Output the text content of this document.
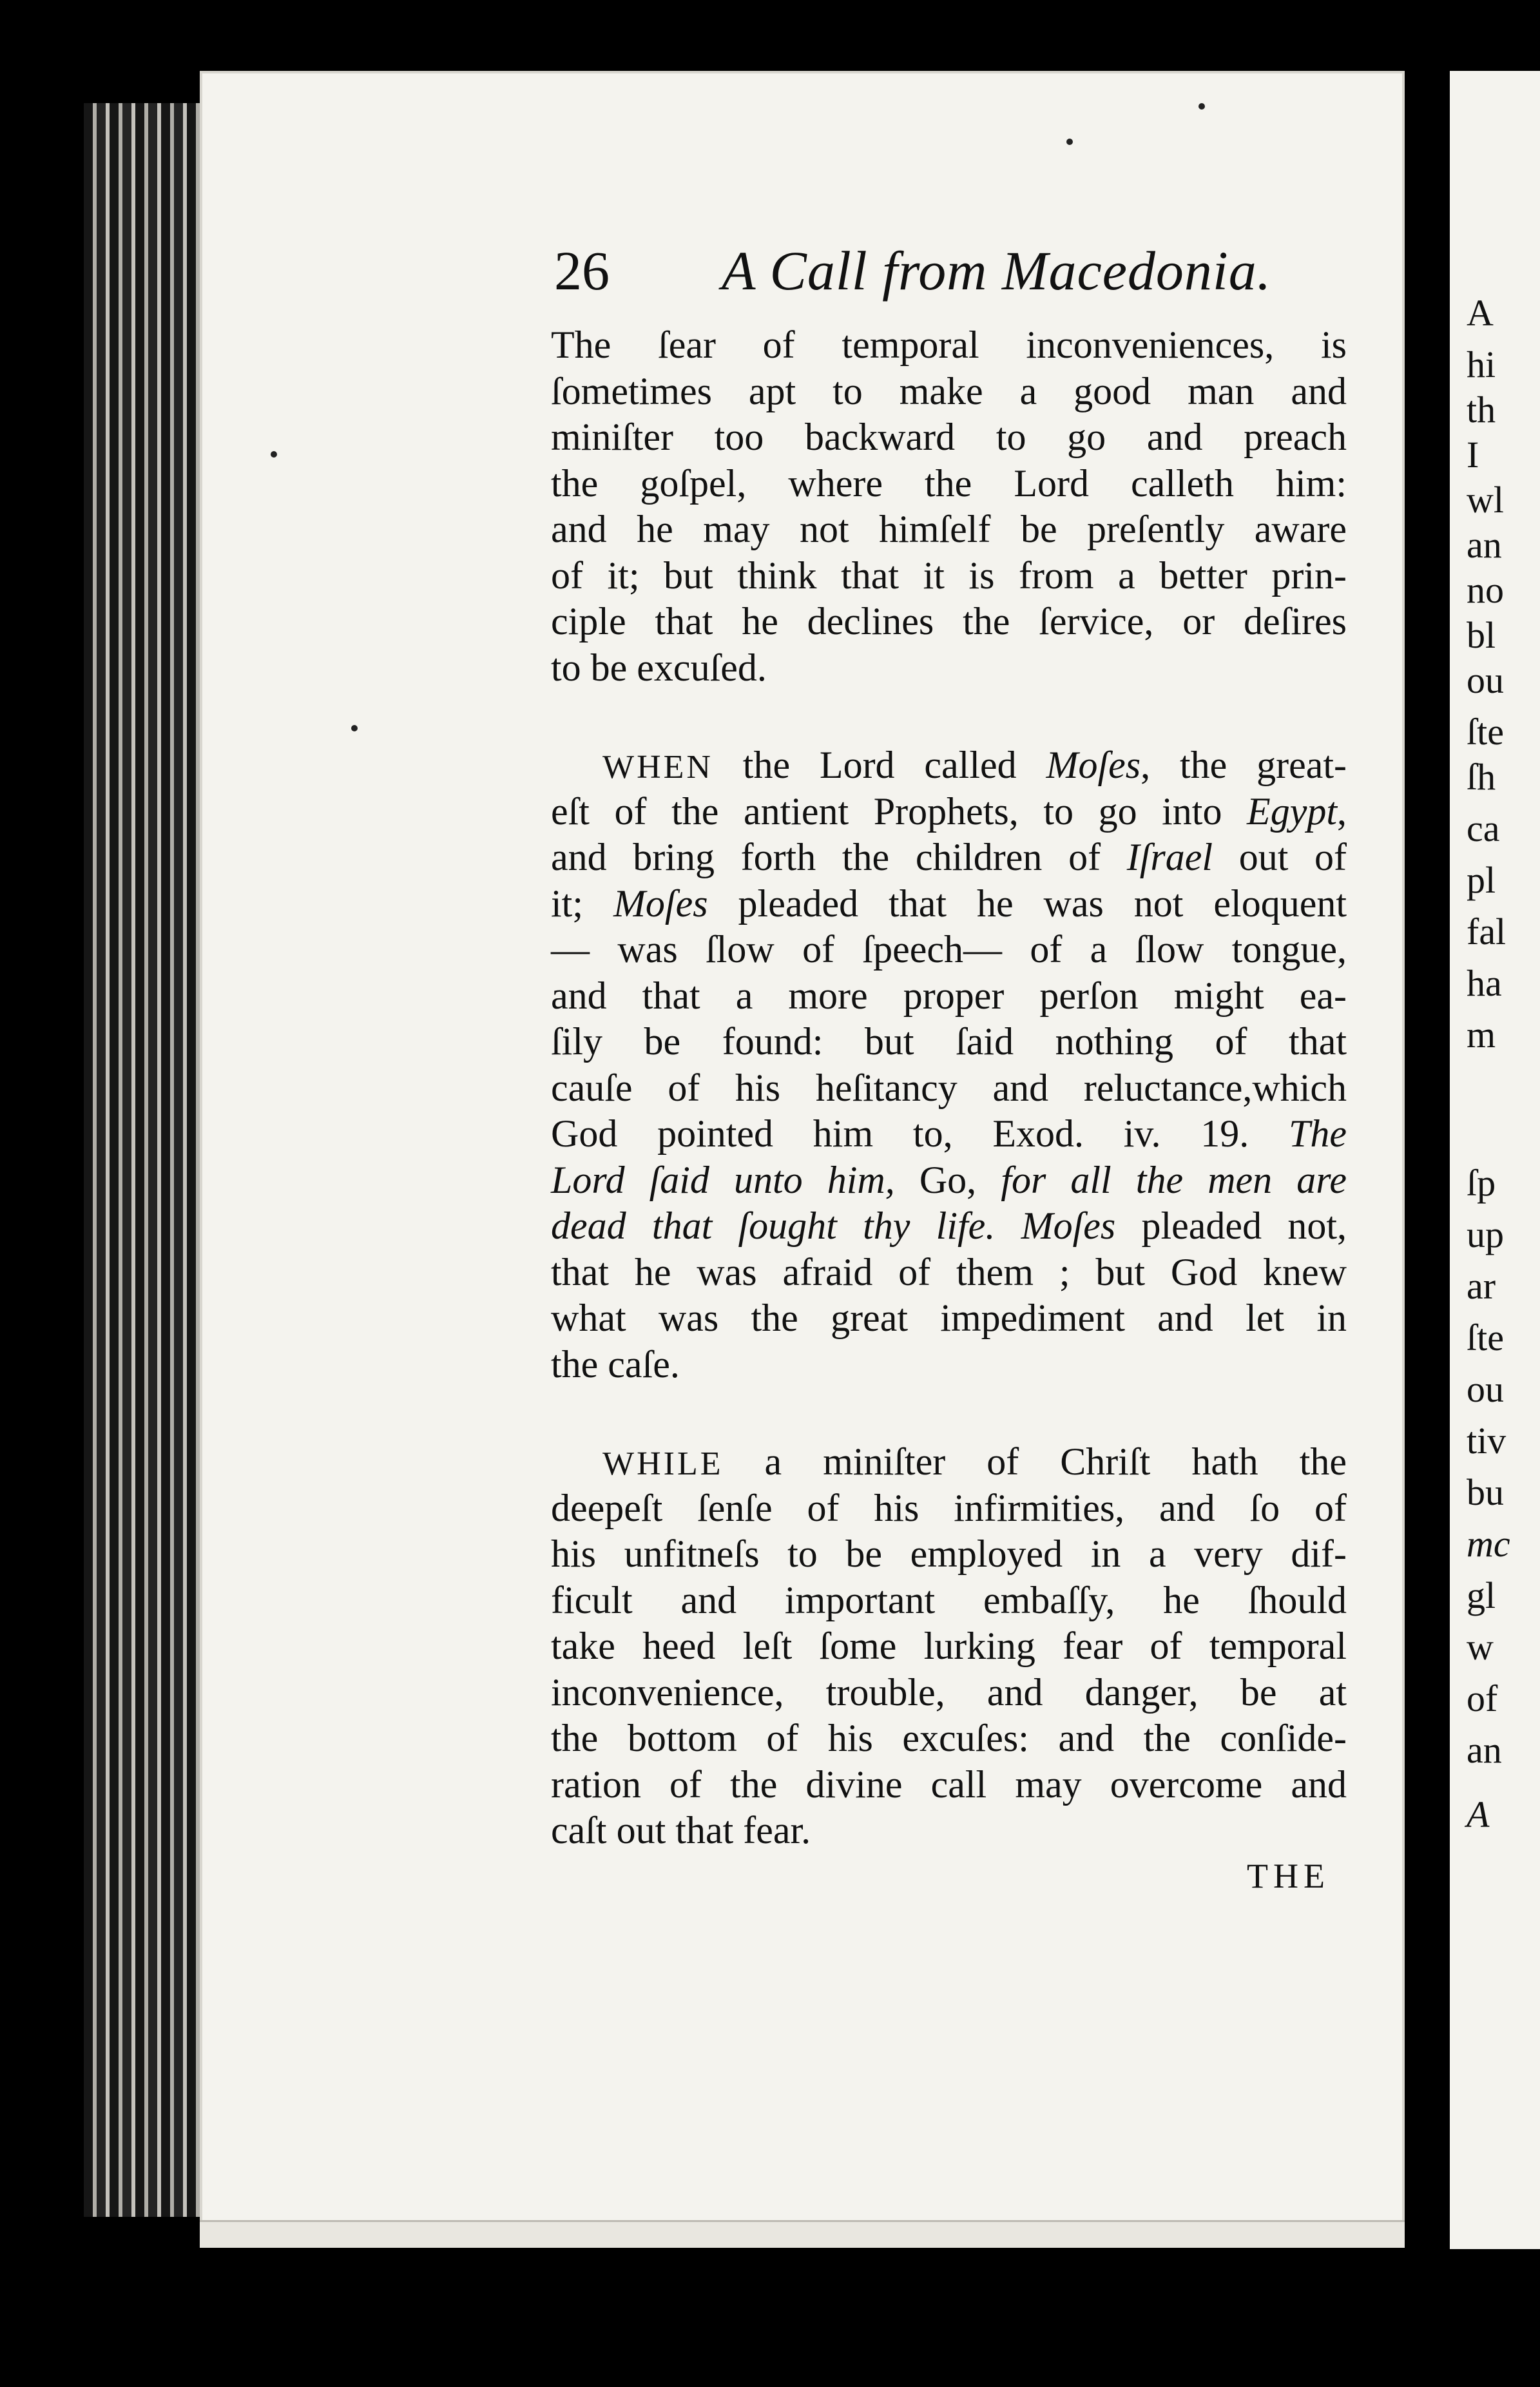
A
hi
th
I
wl
an
no
bl
ou
ſte
ſh
ca
pl
fal
ha
m
ſp
up
ar
ſte
ou
tiv
bu
mc
gl
w
of
an
A
26 A Call from Macedonia.
The ſear of temporal inconveniences, is
ſometimes apt to make a good man and
miniſter too backward to go and preach
the goſpel, where the Lord calleth him:
and he may not himſelf be preſently aware
of it; but think that it is from a better prin-
ciple that he declines the ſervice, or deſires
to be excuſed.
WHEN the Lord called Moſes, the great-
eſt of the antient Prophets, to go into Egypt,
and bring forth the children of Iſrael out of
it; Moſes pleaded that he was not eloquent
— was ſlow of ſpeech— of a ſlow tongue,
and that a more proper perſon might ea-
ſily be found: but ſaid nothing of that
cauſe of his heſitancy and reluctance,which
God pointed him to, Exod. iv. 19. The
Lord ſaid unto him, Go, for all the men are
dead that ſought thy life. Moſes pleaded not,
that he was afraid of them ; but God knew
what was the great impediment and let in
the caſe.
WHILE a miniſter of Chriſt hath the
deepeſt ſenſe of his infirmities, and ſo of
his unfitneſs to be employed in a very dif-
ficult and important embaſſy, he ſhould
take heed leſt ſome lurking fear of temporal
inconvenience, trouble, and danger, be at
the bottom of his excuſes: and the conſide-
ration of the divine call may overcome and
caſt out that fear.
THE
